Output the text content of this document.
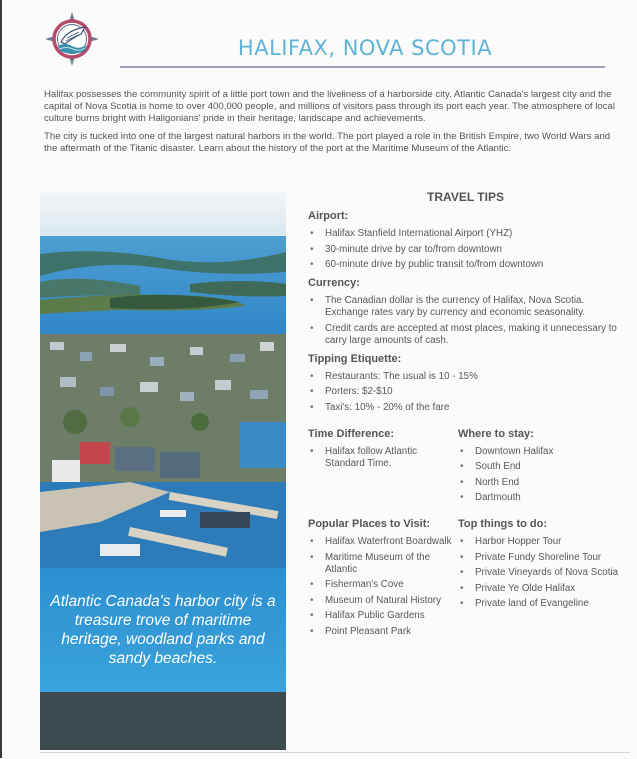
HALIFAX, NOVA SCOTIA

Halifax possesses the community spirit of a little port town and the liveliness of a harborside city. Atlantic Canada's largest city and the capital of Nova Scotia is home to over 400,000 people, and millions of visitors pass through its port each year. The atmosphere of local culture burns bright with Haligonians' pride in their heritage, landscape and achievements.

The city is tucked into one of the largest natural harbors in the world. The port played a role in the British Empire, two World Wars and the aftermath of the Titanic disaster. Learn about the history of the port at the Maritime Museum of the Atlantic.

Atlantic Canada's harbor city is a treasure trove of maritime heritage, woodland parks and sandy beaches.
TRAVEL TIPS
Airport:
• Halifax Stanfield International Airport (YHZ)
• 30-minute drive by car to/from downtown
• 60-minute drive by public transit to/from downtown
Currency:
• The Canadian dollar is the currency of Halifax, Nova Scotia. Exchange rates vary by currency and economic seasonality.
• Credit cards are accepted at most places, making it unnecessary to carry large amounts of cash.
Tipping Etiquette:
• Restaurants: The usual is 10 - 15%
• Porters: $2-$10
• Taxi's: 10% - 20% of the fare
Time Difference:
• Halifax follow Atlantic Standard Time.
Where to stay:
• Downtown Halifax
• South End
• North End
• Dartmouth
Popular Places to Visit:
• Halifax Waterfront Boardwalk
• Maritime Museum of the Atlantic
• Fisherman's Cove
• Museum of Natural History
• Halifax Public Gardens
• Point Pleasant Park
Top things to do:
• Harbor Hopper Tour
• Private Fundy Shoreline Tour
• Private Vineyards of Nova Scotia
• Private Ye Olde Halifax
• Private land of Evangeline
